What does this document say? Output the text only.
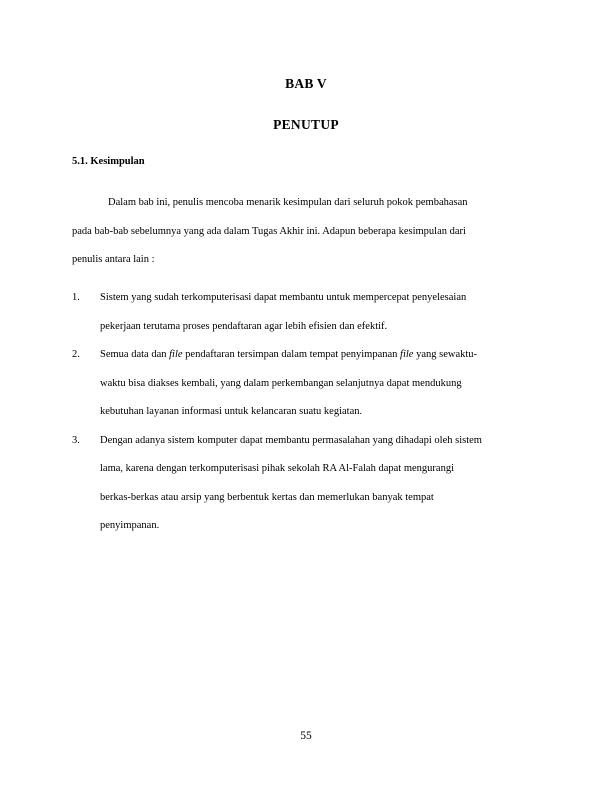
BAB V
PENUTUP
5.1. Kesimpulan

Dalam bab ini, penulis mencoba menarik kesimpulan dari seluruh pokok pembahasan
pada bab-bab sebelumnya yang ada dalam Tugas Akhir ini. Adapun beberapa kesimpulan dari
penulis antara lain :

1. Sistem yang sudah terkomputerisasi dapat membantu untuk mempercepat penyelesaian
pekerjaan terutama proses pendaftaran agar lebih efisien dan efektif.
2. Semua data dan file pendaftaran tersimpan dalam tempat penyimpanan file yang sewaktu-
waktu bisa diakses kembali, yang dalam perkembangan selanjutnya dapat mendukung
kebutuhan layanan informasi untuk kelancaran suatu kegiatan.
3. Dengan adanya sistem komputer dapat membantu permasalahan yang dihadapi oleh sistem
lama, karena dengan terkomputerisasi pihak sekolah RA Al-Falah dapat mengurangi
berkas-berkas atau arsip yang berbentuk kertas dan memerlukan banyak tempat
penyimpanan.
55
